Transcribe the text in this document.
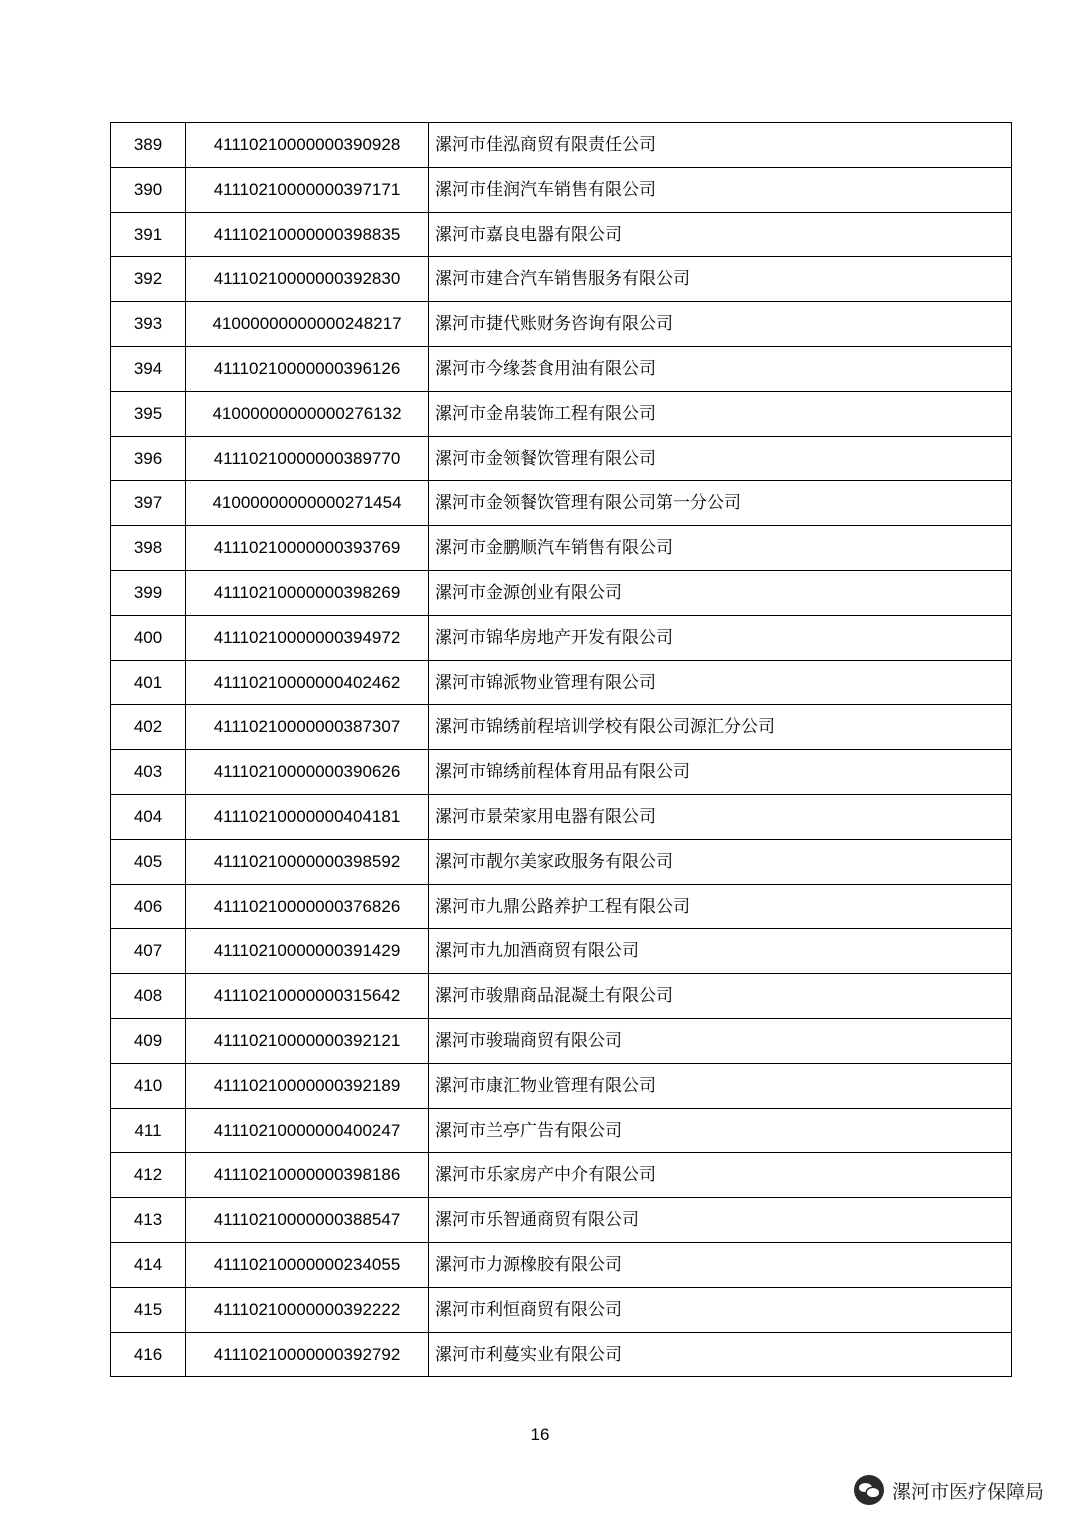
389	41110210000000390928	漯河市佳泓商贸有限责任公司
390	41110210000000397171	漯河市佳润汽车销售有限公司
391	41110210000000398835	漯河市嘉良电器有限公司
392	41110210000000392830	漯河市建合汽车销售服务有限公司
393	41000000000000248217	漯河市捷代账财务咨询有限公司
394	41110210000000396126	漯河市今缘荟食用油有限公司
395	41000000000000276132	漯河市金帛装饰工程有限公司
396	41110210000000389770	漯河市金领餐饮管理有限公司
397	41000000000000271454	漯河市金领餐饮管理有限公司第一分公司
398	41110210000000393769	漯河市金鹏顺汽车销售有限公司
399	41110210000000398269	漯河市金源创业有限公司
400	41110210000000394972	漯河市锦华房地产开发有限公司
401	41110210000000402462	漯河市锦派物业管理有限公司
402	41110210000000387307	漯河市锦绣前程培训学校有限公司源汇分公司
403	41110210000000390626	漯河市锦绣前程体育用品有限公司
404	41110210000000404181	漯河市景荣家用电器有限公司
405	41110210000000398592	漯河市靓尔美家政服务有限公司
406	41110210000000376826	漯河市九鼎公路养护工程有限公司
407	41110210000000391429	漯河市九加酒商贸有限公司
408	41110210000000315642	漯河市骏鼎商品混凝土有限公司
409	41110210000000392121	漯河市骏瑞商贸有限公司
410	41110210000000392189	漯河市康汇物业管理有限公司
411	41110210000000400247	漯河市兰亭广告有限公司
412	41110210000000398186	漯河市乐家房产中介有限公司
413	41110210000000388547	漯河市乐智通商贸有限公司
414	41110210000000234055	漯河市力源橡胶有限公司
415	41110210000000392222	漯河市利恒商贸有限公司
416	41110210000000392792	漯河市利蔓实业有限公司
16
漯河市医疗保障局
